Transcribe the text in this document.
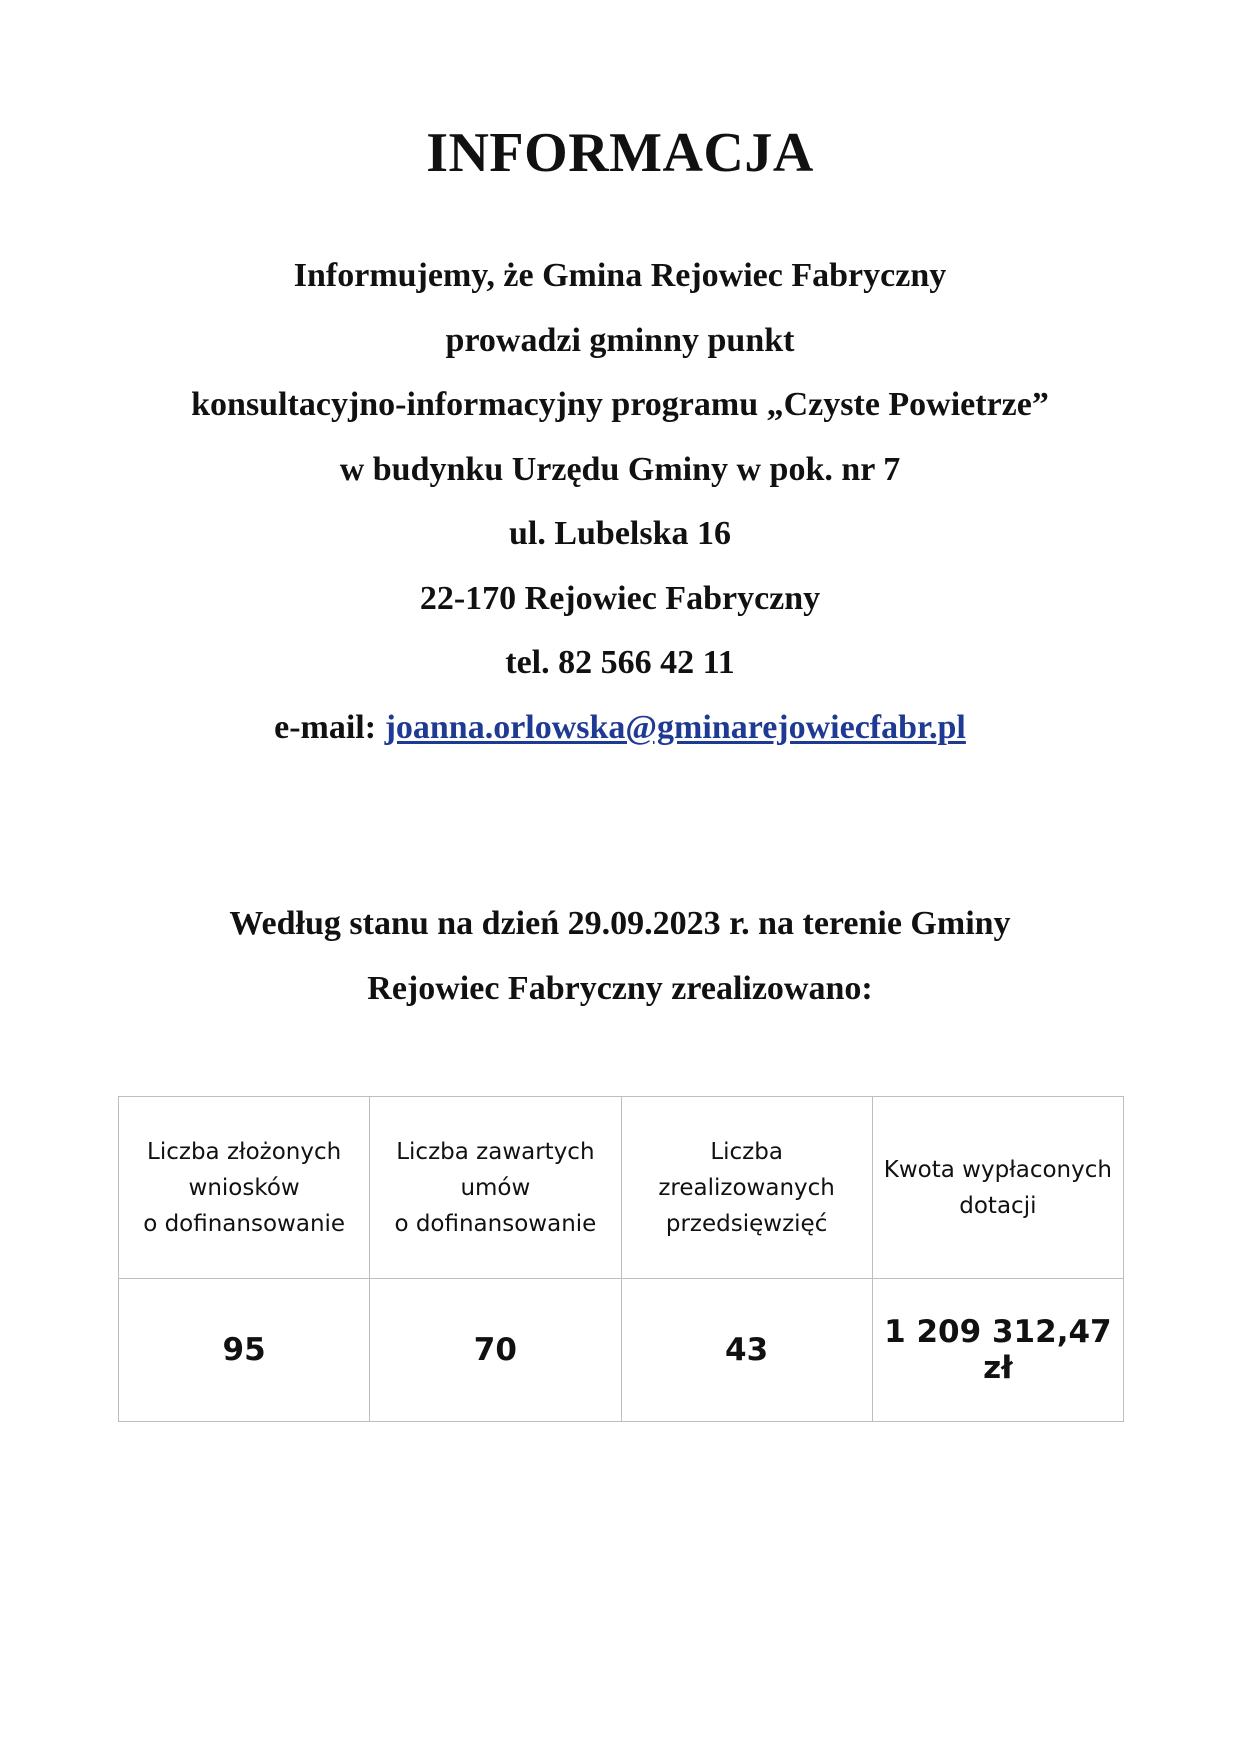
INFORMACJA
Informujemy, że Gmina Rejowiec Fabryczny
prowadzi gminny punkt
konsultacyjno-informacyjny programu „Czyste Powietrze”
w budynku Urzędu Gminy w pok. nr 7
ul. Lubelska 16
22-170 Rejowiec Fabryczny
tel. 82 566 42 11
e-mail: joanna.orlowska@gminarejowiecfabr.pl
Według stanu na dzień 29.09.2023 r. na terenie Gminy
Rejowiec Fabryczny zrealizowano:
Liczba złożonych
wniosków
o dofinansowanie	Liczba zawartych
umów
o dofinansowanie	Liczba
zrealizowanych
przedsięwzięć	Kwota wypłaconych
dotacji
95	70	43	1 209 312,47 zł
